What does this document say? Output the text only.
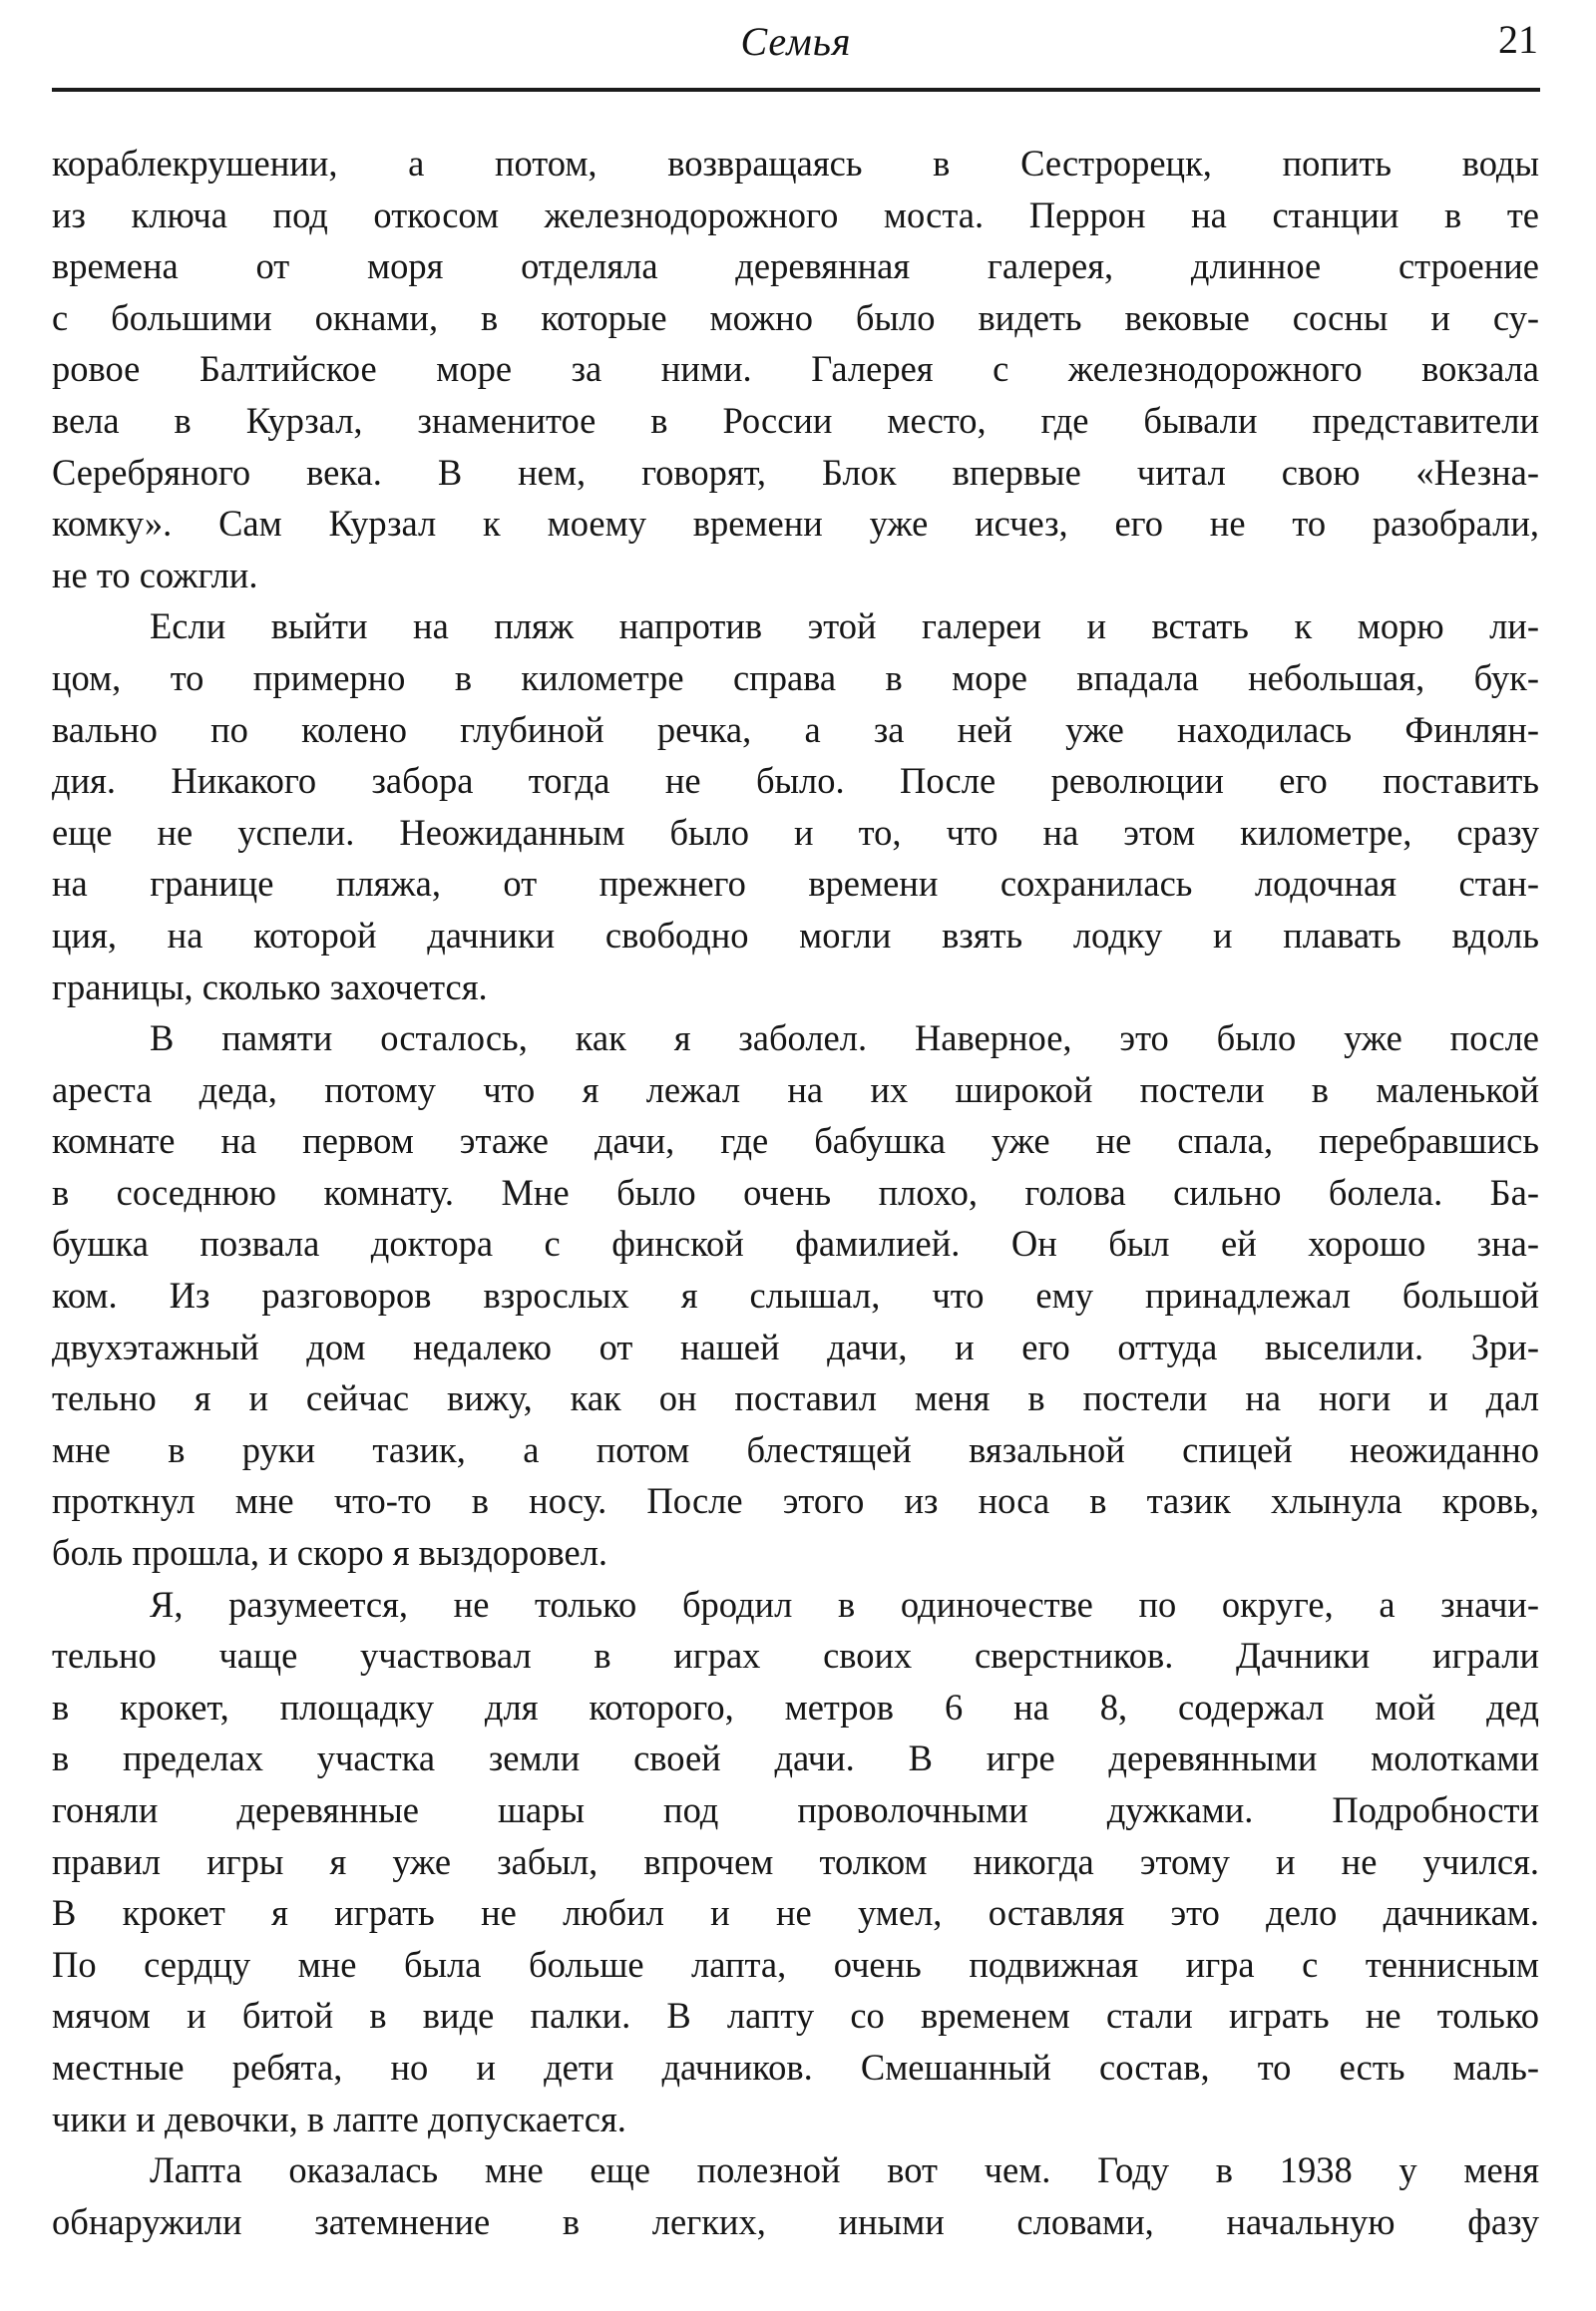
Семья	21
кораблекрушении, а потом, возвращаясь в Сестрорецк, попить воды
из ключа под откосом железнодорожного моста. Перрон на станции в те
времена от моря отделяла деревянная галерея, длинное строение
с большими окнами, в которые можно было видеть вековые сосны и су-
ровое Балтийское море за ними. Галерея с железнодорожного вокзала
вела в Курзал, знаменитое в России место, где бывали представители
Серебряного века. В нем, говорят, Блок впервые читал свою «Незна-
комку». Сам Курзал к моему времени уже исчез, его не то разобрали,
не то сожгли.
Если выйти на пляж напротив этой галереи и встать к морю ли-
цом, то примерно в километре справа в море впадала небольшая, бук-
вально по колено глубиной речка, а за ней уже находилась Финлян-
дия. Никакого забора тогда не было. После революции его поставить
еще не успели. Неожиданным было и то, что на этом километре, сразу
на границе пляжа, от прежнего времени сохранилась лодочная стан-
ция, на которой дачники свободно могли взять лодку и плавать вдоль
границы, сколько захочется.
В памяти осталось, как я заболел. Наверное, это было уже после
ареста деда, потому что я лежал на их широкой постели в маленькой
комнате на первом этаже дачи, где бабушка уже не спала, перебравшись
в соседнюю комнату. Мне было очень плохо, голова сильно болела. Ба-
бушка позвала доктора с финской фамилией. Он был ей хорошо зна-
ком. Из разговоров взрослых я слышал, что ему принадлежал большой
двухэтажный дом недалеко от нашей дачи, и его оттуда выселили. Зри-
тельно я и сейчас вижу, как он поставил меня в постели на ноги и дал
мне в руки тазик, а потом блестящей вязальной спицей неожиданно
проткнул мне что-то в носу. После этого из носа в тазик хлынула кровь,
боль прошла, и скоро я выздоровел.
Я, разумеется, не только бродил в одиночестве по округе, а значи-
тельно чаще участвовал в играх своих сверстников. Дачники играли
в крокет, площадку для которого, метров 6 на 8, содержал мой дед
в пределах участка земли своей дачи. В игре деревянными молотками
гоняли деревянные шары под проволочными дужками. Подробности
правил игры я уже забыл, впрочем толком никогда этому и не учился.
В крокет я играть не любил и не умел, оставляя это дело дачникам.
По сердцу мне была больше лапта, очень подвижная игра с теннисным
мячом и битой в виде палки. В лапту со временем стали играть не только
местные ребята, но и дети дачников. Смешанный состав, то есть маль-
чики и девочки, в лапте допускается.
Лапта оказалась мне еще полезной вот чем. Году в 1938 у меня
обнаружили затемнение в легких, иными словами, начальную фазу
